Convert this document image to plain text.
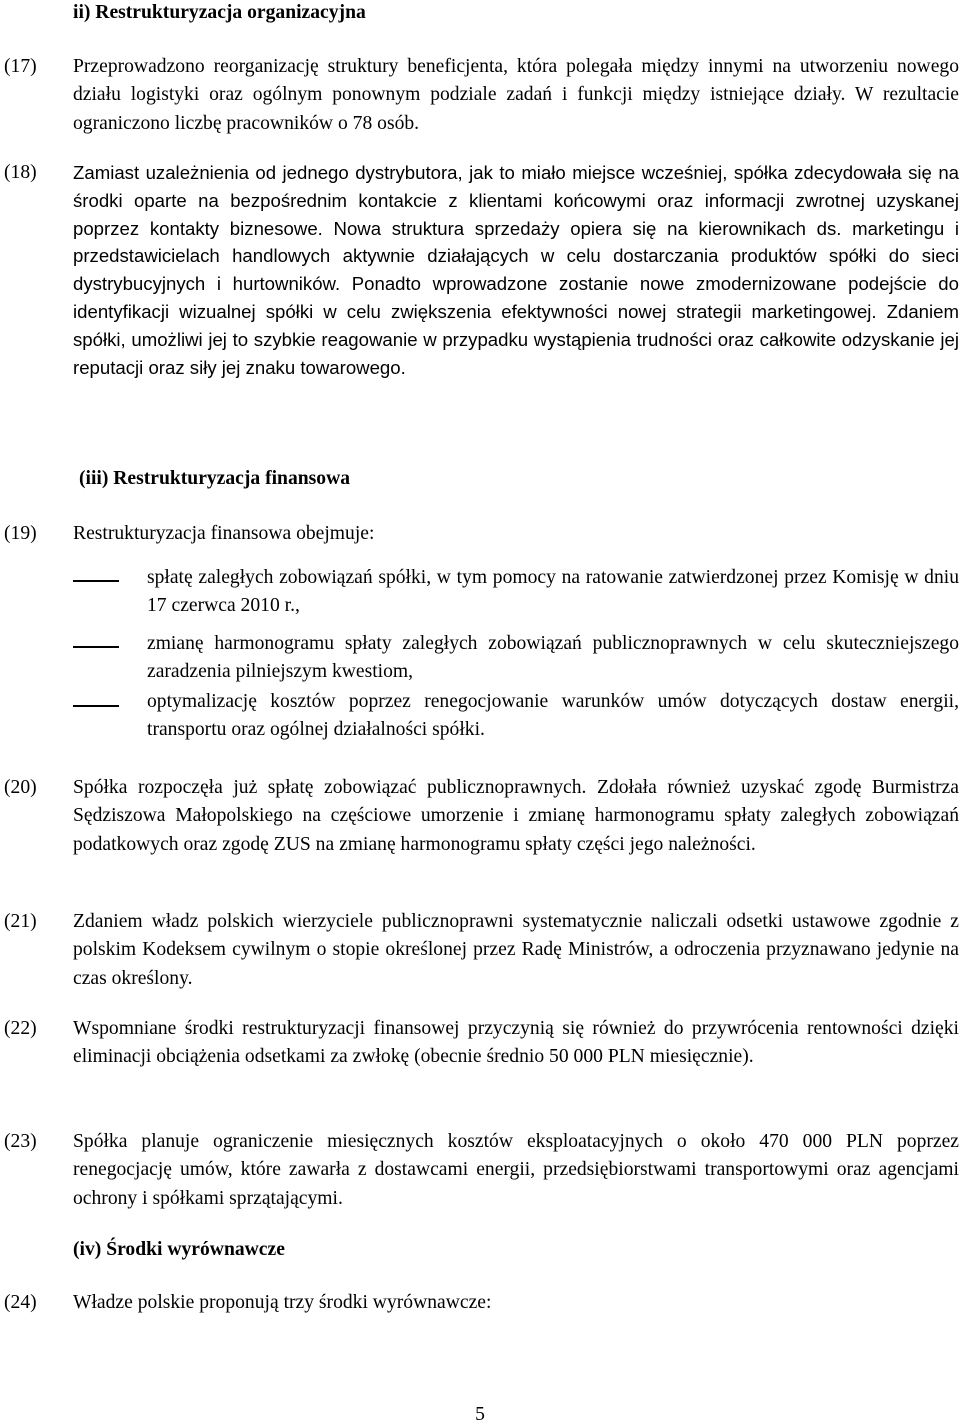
ii) Restrukturyzacja organizacyjna
(17) Przeprowadzono reorganizację struktury beneficjenta, która polegała między innymi na utworzeniu nowego działu logistyki oraz ogólnym ponownym podziale zadań i funkcji między istniejące działy. W rezultacie ograniczono liczbę pracowników o 78 osób.
(18) Zamiast uzależnienia od jednego dystrybutora, jak to miało miejsce wcześniej, spółka zdecydowała się na środki oparte na bezpośrednim kontakcie z klientami końcowymi oraz informacji zwrotnej uzyskanej poprzez kontakty biznesowe. Nowa struktura sprzedaży opiera się na kierownikach ds. marketingu i przedstawicielach handlowych aktywnie działających w celu dostarczania produktów spółki do sieci dystrybucyjnych i hurtowników. Ponadto wprowadzone zostanie nowe zmodernizowane podejście do identyfikacji wizualnej spółki w celu zwiększenia efektywności nowej strategii marketingowej. Zdaniem spółki, umożliwi jej to szybkie reagowanie w przypadku wystąpienia trudności oraz całkowite odzyskanie jej reputacji oraz siły jej znaku towarowego.
(iii) Restrukturyzacja finansowa
(19) Restrukturyzacja finansowa obejmuje:
spłatę zaległych zobowiązań spółki, w tym pomocy na ratowanie zatwierdzonej przez Komisję w dniu 17 czerwca 2010 r.,
zmianę harmonogramu spłaty zaległych zobowiązań publicznoprawnych w celu skuteczniejszego zaradzenia pilniejszym kwestiom,
optymalizację kosztów poprzez renegocjowanie warunków umów dotyczących dostaw energii, transportu oraz ogólnej działalności spółki.
(20) Spółka rozpoczęła już spłatę zobowiązać publicznoprawnych. Zdołała również uzyskać zgodę Burmistrza Sędziszowa Małopolskiego na częściowe umorzenie i zmianę harmonogramu spłaty zaległych zobowiązań podatkowych oraz zgodę ZUS na zmianę harmonogramu spłaty części jego należności.
(21) Zdaniem władz polskich wierzyciele publicznoprawni systematycznie naliczali odsetki ustawowe zgodnie z polskim Kodeksem cywilnym o stopie określonej przez Radę Ministrów, a odroczenia przyznawano jedynie na czas określony.
(22) Wspomniane środki restrukturyzacji finansowej przyczynią się również do przywrócenia rentowności dzięki eliminacji obciążenia odsetkami za zwłokę (obecnie średnio 50 000 PLN miesięcznie).
(23) Spółka planuje ograniczenie miesięcznych kosztów eksploatacyjnych o około 470 000 PLN poprzez renegocjację umów, które zawarła z dostawcami energii, przedsiębiorstwami transportowymi oraz agencjami ochrony i spółkami sprzątającymi.
(iv) Środki wyrównawcze
(24) Władze polskie proponują trzy środki wyrównawcze:
5
